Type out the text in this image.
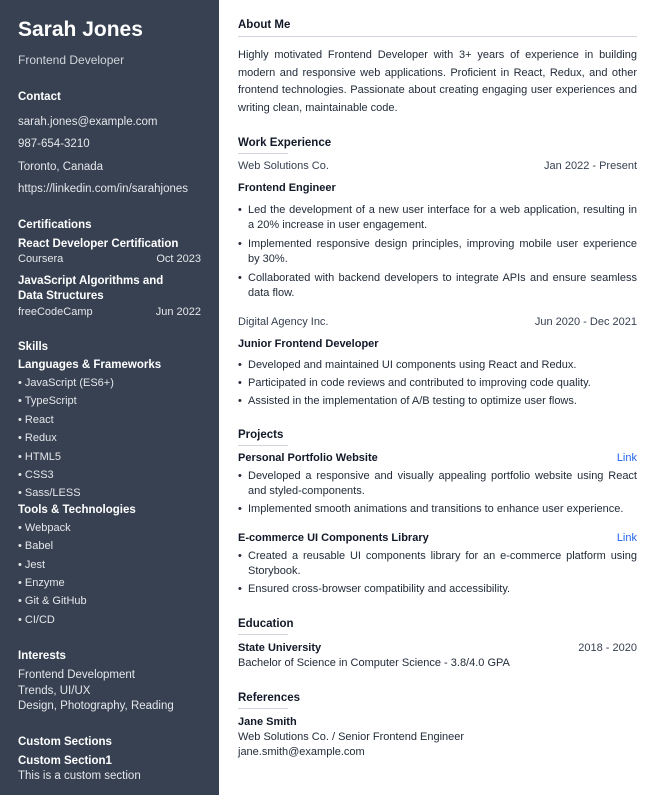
Sarah Jones
Frontend Developer
Contact
sarah.jones@example.com
987-654-3210
Toronto, Canada
https://linkedin.com/in/sarahjones
Certifications
React Developer Certification
Coursera	Oct 2023
JavaScript Algorithms and Data Structures
freeCodeCamp	Jun 2022
Skills
Languages & Frameworks
• JavaScript (ES6+)
• TypeScript
• React
• Redux
• HTML5
• CSS3
• Sass/LESS
Tools & Technologies
• Webpack
• Babel
• Jest
• Enzyme
• Git & GitHub
• CI/CD
Interests
Frontend Development
Trends, UI/UX
Design, Photography, Reading
Custom Sections
Custom Section1
This is a custom section
About Me

Highly motivated Frontend Developer with 3+ years of experience in building modern and responsive web applications. Proficient in React, Redux, and other frontend technologies. Passionate about creating engaging user experiences and writing clean, maintainable code.

Work Experience
Web Solutions Co.	Jan 2022 - Present
Frontend Engineer
• Led the development of a new user interface for a web application, resulting in a 20% increase in user engagement.
• Implemented responsive design principles, improving mobile user experience by 30%.
• Collaborated with backend developers to integrate APIs and ensure seamless data flow.
Digital Agency Inc.	Jun 2020 - Dec 2021
Junior Frontend Developer
• Developed and maintained UI components using React and Redux.
• Participated in code reviews and contributed to improving code quality.
• Assisted in the implementation of A/B testing to optimize user flows.
Projects
Personal Portfolio Website	Link
• Developed a responsive and visually appealing portfolio website using React and styled-components.
• Implemented smooth animations and transitions to enhance user experience.
E-commerce UI Components Library	Link
• Created a reusable UI components library for an e-commerce platform using Storybook.
• Ensured cross-browser compatibility and accessibility.
Education
State University	2018 - 2020
Bachelor of Science in Computer Science - 3.8/4.0 GPA
References
Jane Smith
Web Solutions Co. / Senior Frontend Engineer
jane.smith@example.com
